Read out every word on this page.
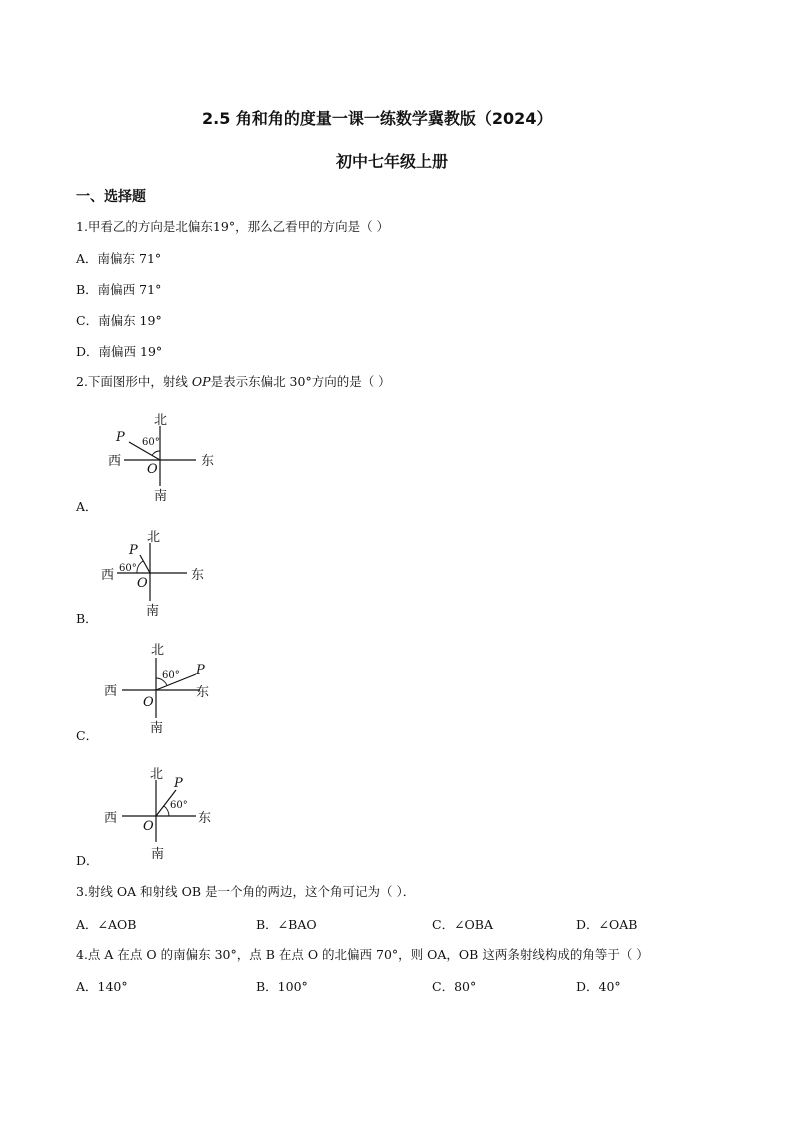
2.5 角和角的度量一课一练数学冀教版（2024）
初中七年级上册
一、选择题
1.甲看乙的方向是北偏东19°，那么乙看甲的方向是（ ）
A．南偏东 71°
B．南偏西 71°
C．南偏东 19°
D．南偏西 19°
2.下面图形中，射线 OP是表示东偏北 30°方向的是（ ）
北
南
西	东
O
P 60°
A．
北
南
西	东
O
P
60°
B．
北
南
西	东
O
P
60°
C．
北
南
西	东
O
P
60°
D．
3.射线 OA 和射线 OB 是一个角的两边，这个角可记为（ ）．
A．∠AOB	B．∠BAO	C．∠OBA	D．∠OAB
4.点 A 在点 O 的南偏东 30°，点 B 在点 O 的北偏西 70°，则 OA，OB 这两条射线构成的角等于（ ）
A．140°	B．100°	C．80°	D．40°
